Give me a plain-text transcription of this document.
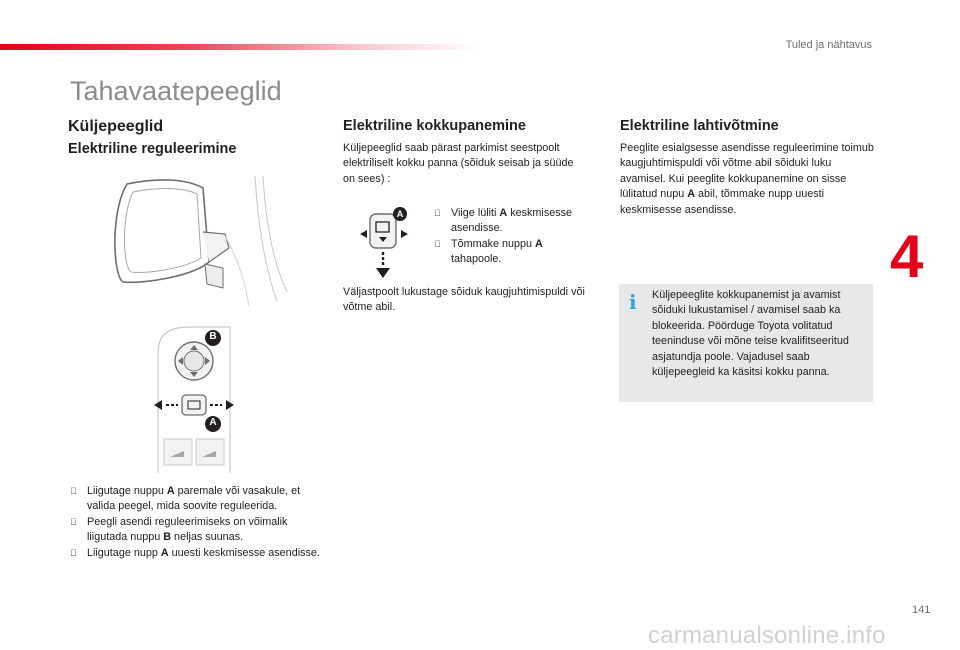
Tuled ja nähtavus
Tahavaatepeeglid
Küljepeeglid
Elektriline reguleerimine
B
A
Liigutage nuppu A paremale või vasakule, et valida peegel, mida soovite reguleerida.
Peegli asendi reguleerimiseks on võimalik liigutada nuppu B neljas suunas.
Liigutage nupp A uuesti keskmisesse asendisse.
Elektriline kokkupanemine
Küljepeeglid saab pärast parkimist seestpoolt elektriliselt kokku panna (sõiduk seisab ja süüde on sees) :
A	Viige lüliti A keskmisesse asendisse.
Tõmmake nuppu A tahapoole.
Väljastpoolt lukustage sõiduk kaugjuhtimispuldi või võtme abil.
Elektriline lahtivõtmine
Peeglite esialgsesse asendisse reguleerimine toimub kaugjuhtimispuldi või võtme abil sõiduki luku avamisel. Kui peeglite kokkupanemine on sisse lülitatud nupu A abil, tõmmake nupp uuesti keskmisesse asendisse.
i Küljepeeglite kokkupanemist ja avamist sõiduki lukustamisel / avamisel saab ka blokeerida. Pöörduge Toyota volitatud teeninduse või mõne teise kvalifitseeritud asjatundja poole. Vajadusel saab küljepeegleid ka käsitsi kokku panna.
4
141
carmanualsonline.info
